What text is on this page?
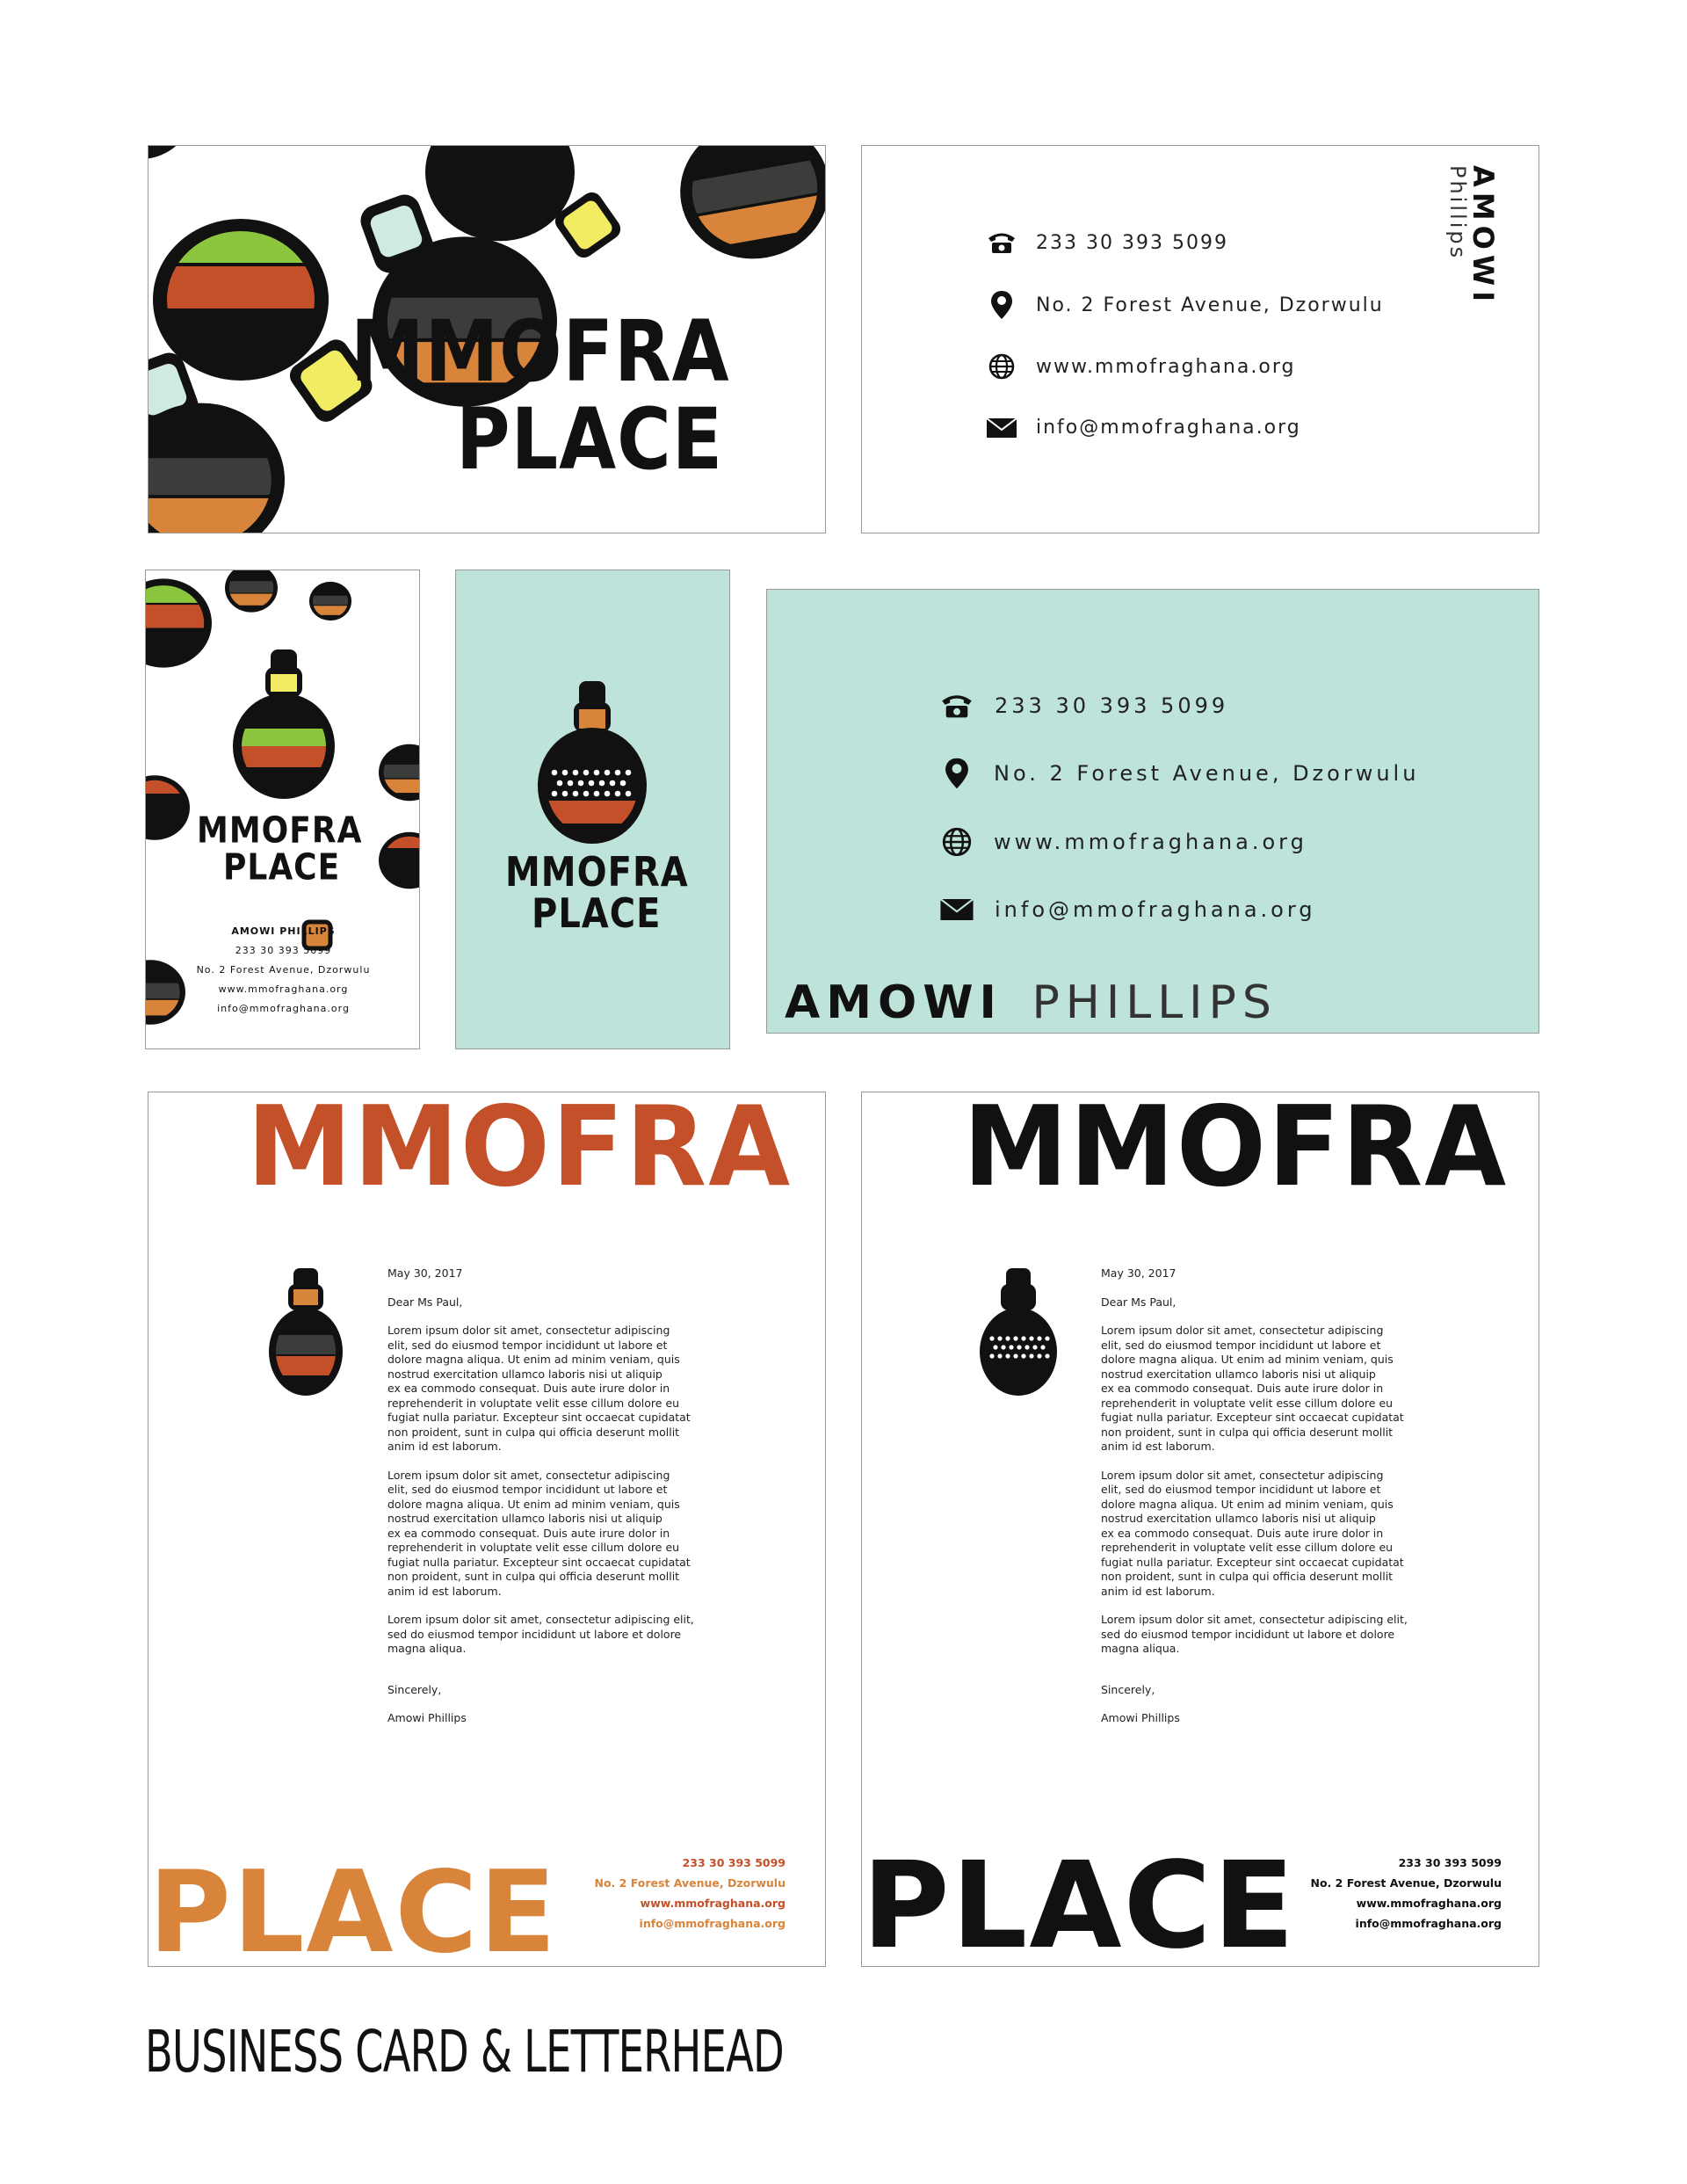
MMOFRA
PLACE
233 30 393 5099
No. 2 Forest Avenue, Dzorwulu
www.mmofraghana.org
info@mmofraghana.org
AMOWI
Phillips
MMOFRA
PLACE
AMOWI PHILLIPS
233 30 393 5099
No. 2 Forest Avenue, Dzorwulu
www.mmofraghana.org
info@mmofraghana.org
MMOFRA
PLACE
233 30 393 5099
No. 2 Forest Avenue, Dzorwulu
www.mmofraghana.org
info@mmofraghana.org
AMOWI PHILLIPS
MMOFRA

May 30, 2017

Dear Ms Paul,

Lorem ipsum dolor sit amet, consectetur adipiscing
elit, sed do eiusmod tempor incididunt ut labore et
dolore magna aliqua. Ut enim ad minim veniam, quis
nostrud exercitation ullamco laboris nisi ut aliquip
ex ea commodo consequat. Duis aute irure dolor in
reprehenderit in voluptate velit esse cillum dolore eu
fugiat nulla pariatur. Excepteur sint occaecat cupidatat
non proident, sunt in culpa qui officia deserunt mollit
anim id est laborum.

Lorem ipsum dolor sit amet, consectetur adipiscing
elit, sed do eiusmod tempor incididunt ut labore et
dolore magna aliqua. Ut enim ad minim veniam, quis
nostrud exercitation ullamco laboris nisi ut aliquip
ex ea commodo consequat. Duis aute irure dolor in
reprehenderit in voluptate velit esse cillum dolore eu
fugiat nulla pariatur. Excepteur sint occaecat cupidatat
non proident, sunt in culpa qui officia deserunt mollit
anim id est laborum.

Lorem ipsum dolor sit amet, consectetur adipiscing elit,
sed do eiusmod tempor incididunt ut labore et dolore
magna aliqua.

Sincerely,

Amowi Phillips

PLACE	233 30 393 5099
No. 2 Forest Avenue, Dzorwulu
www.mmofraghana.org
info@mmofraghana.org
MMOFRA

May 30, 2017

Dear Ms Paul,

Lorem ipsum dolor sit amet, consectetur adipiscing
elit, sed do eiusmod tempor incididunt ut labore et
dolore magna aliqua. Ut enim ad minim veniam, quis
nostrud exercitation ullamco laboris nisi ut aliquip
ex ea commodo consequat. Duis aute irure dolor in
reprehenderit in voluptate velit esse cillum dolore eu
fugiat nulla pariatur. Excepteur sint occaecat cupidatat
non proident, sunt in culpa qui officia deserunt mollit
anim id est laborum.

Lorem ipsum dolor sit amet, consectetur adipiscing
elit, sed do eiusmod tempor incididunt ut labore et
dolore magna aliqua. Ut enim ad minim veniam, quis
nostrud exercitation ullamco laboris nisi ut aliquip
ex ea commodo consequat. Duis aute irure dolor in
reprehenderit in voluptate velit esse cillum dolore eu
fugiat nulla pariatur. Excepteur sint occaecat cupidatat
non proident, sunt in culpa qui officia deserunt mollit
anim id est laborum.

Lorem ipsum dolor sit amet, consectetur adipiscing elit,
sed do eiusmod tempor incididunt ut labore et dolore
magna aliqua.

Sincerely,

Amowi Phillips

PLACE	233 30 393 5099
No. 2 Forest Avenue, Dzorwulu
www.mmofraghana.org
info@mmofraghana.org
BUSINESS CARD & LETTERHEAD
